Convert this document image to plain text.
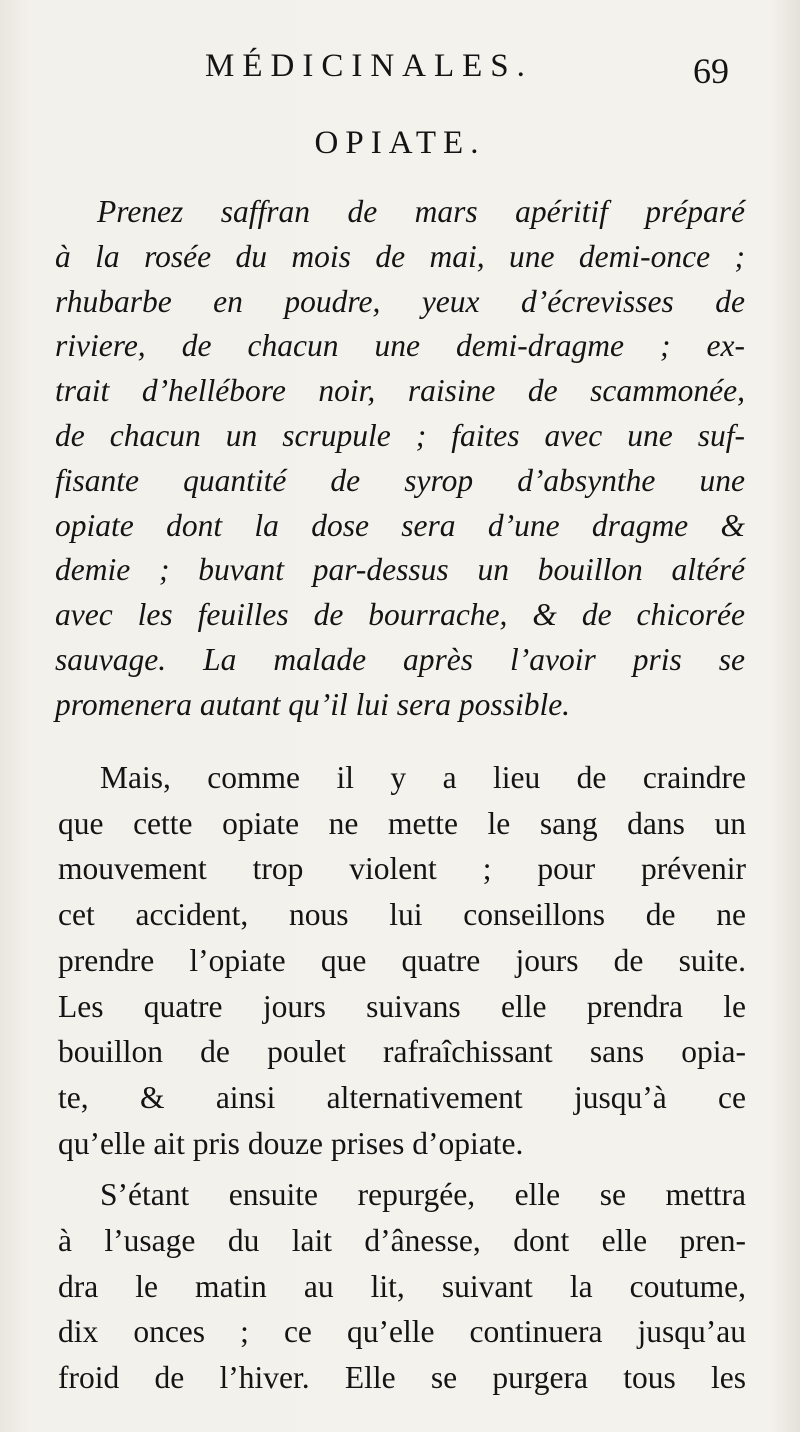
MÉDICINALES.	69
OPIATE.
Prenez saffran de mars apéritif préparé
à la rosée du mois de mai, une demi-once ;
rhubarbe en poudre, yeux d’écrevisses de
riviere, de chacun une demi-dragme ; ex-
trait d’hellébore noir, raisine de scammonée,
de chacun un scrupule ; faites avec une suf-
fisante quantité de syrop d’absynthe une
opiate dont la dose sera d’une dragme &
demie ; buvant par-dessus un bouillon altéré
avec les feuilles de bourrache, & de chicorée
sauvage. La malade après l’avoir pris se
promenera autant qu’il lui sera possible.
Mais, comme il y a lieu de craindre
que cette opiate ne mette le sang dans un
mouvement trop violent ; pour prévenir
cet accident, nous lui conseillons de ne
prendre l’opiate que quatre jours de suite.
Les quatre jours suivans elle prendra le
bouillon de poulet rafraîchissant sans opia-
te, & ainsi alternativement jusqu’à ce
qu’elle ait pris douze prises d’opiate.
S’étant ensuite repurgée, elle se mettra
à l’usage du lait d’ânesse, dont elle pren-
dra le matin au lit, suivant la coutume,
dix onces ; ce qu’elle continuera jusqu’au
froid de l’hiver. Elle se purgera tous les
